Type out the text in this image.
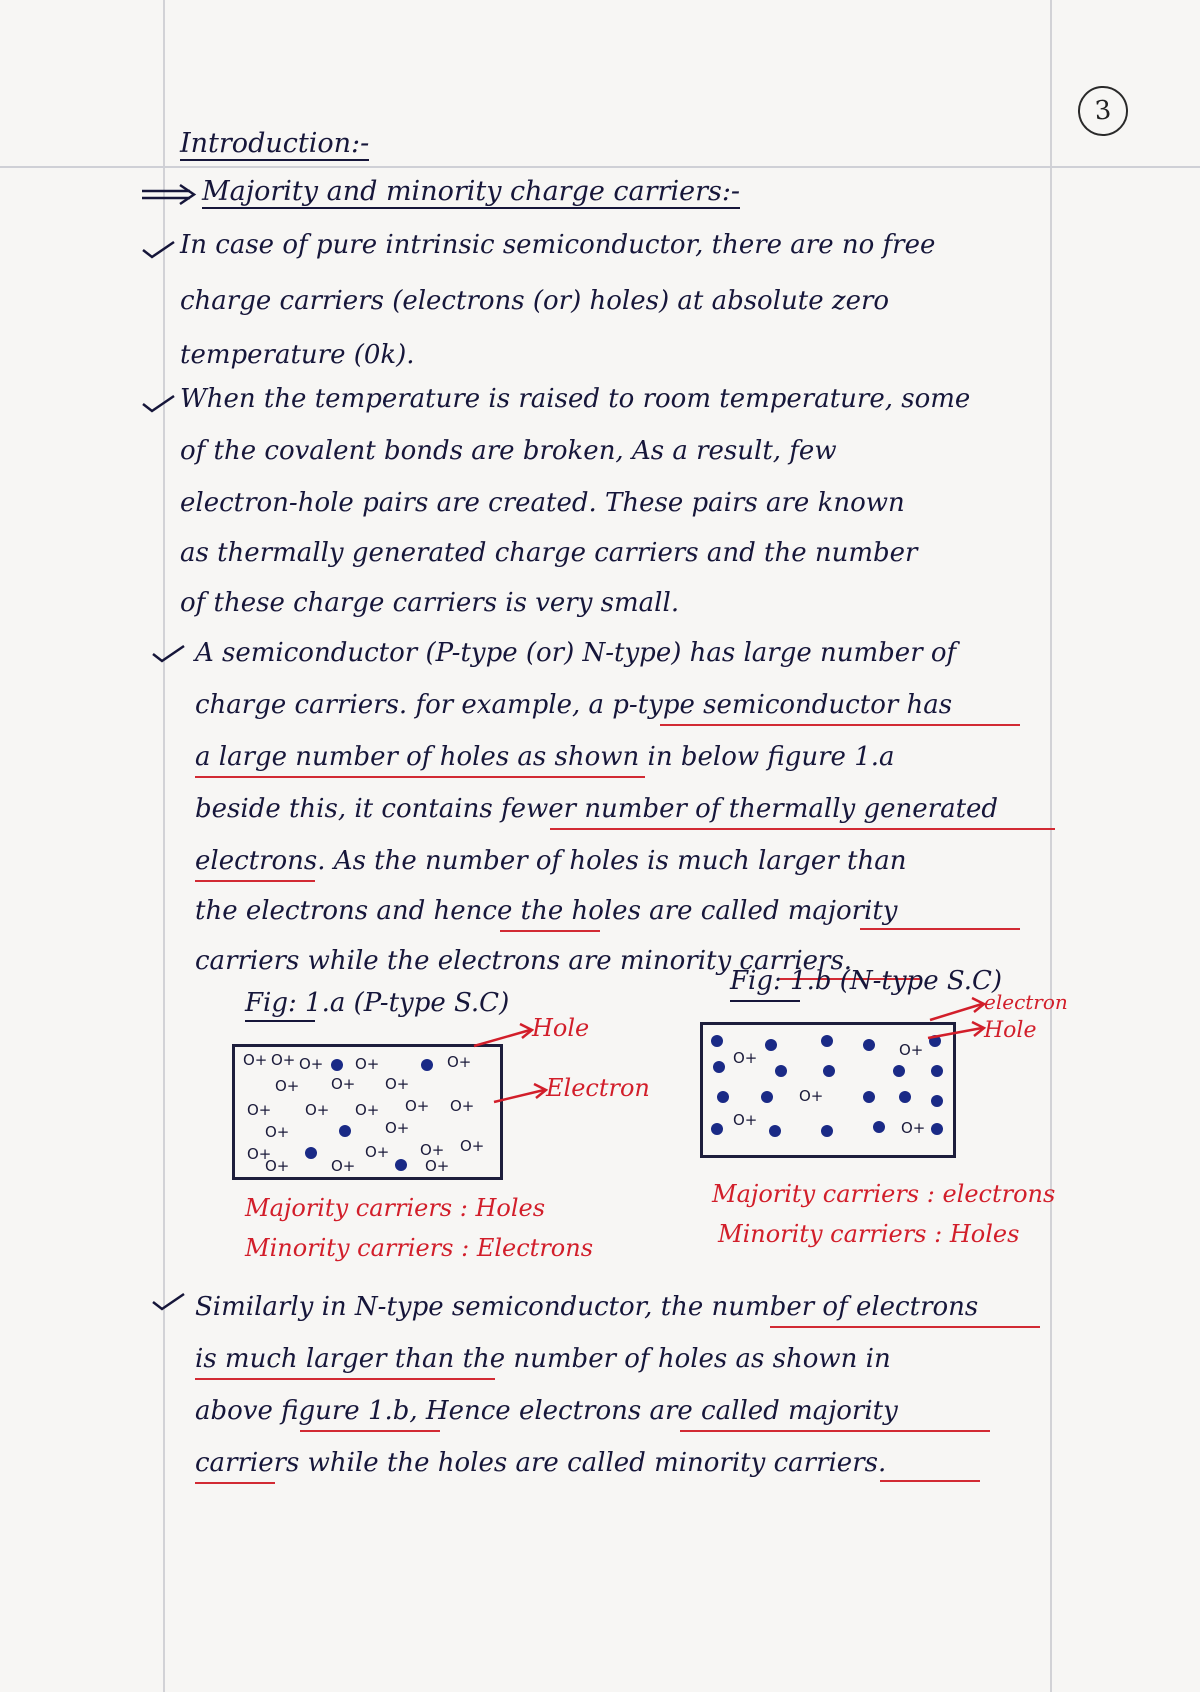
3
Introduction:-
Majority and minority charge carriers:-
In case of pure intrinsic semiconductor, there are no free
charge carriers (electrons (or) holes) at absolute zero
temperature (0k).
When the temperature is raised to room temperature, some
of the covalent bonds are broken, As a result, few
electron-hole pairs are created. These pairs are known
as thermally generated charge carriers and the number
of these charge carriers is very small.
A semiconductor (P-type (or) N-type) has large number of
charge carriers. for example, a p-type semiconductor has
a large number of holes as shown in below figure 1.a
beside this, it contains fewer number of thermally generated
electrons. As the number of holes is much larger than
the electrons and hence the holes are called majority
carriers while the electrons are minority carriers.
Fig: 1.a (P-type S.C)
Fig: 1.b (N-type S.C)
O+ O+ O+ O+	O+
O+ O+ O+
O+ O+ O+ O+ O+
O+	O+
O+	O+ O+ O+
O+	O+	O+
Hole
Electron
O+	O+
O+
O+	O+
electron
Hole
Majority carriers : Holes
Minority carriers : Electrons
Majority carriers : electrons
Minority carriers : Holes
Similarly in N-type semiconductor, the number of electrons
is much larger than the number of holes as shown in
above figure 1.b, Hence electrons are called majority
carriers while the holes are called minority carriers.
